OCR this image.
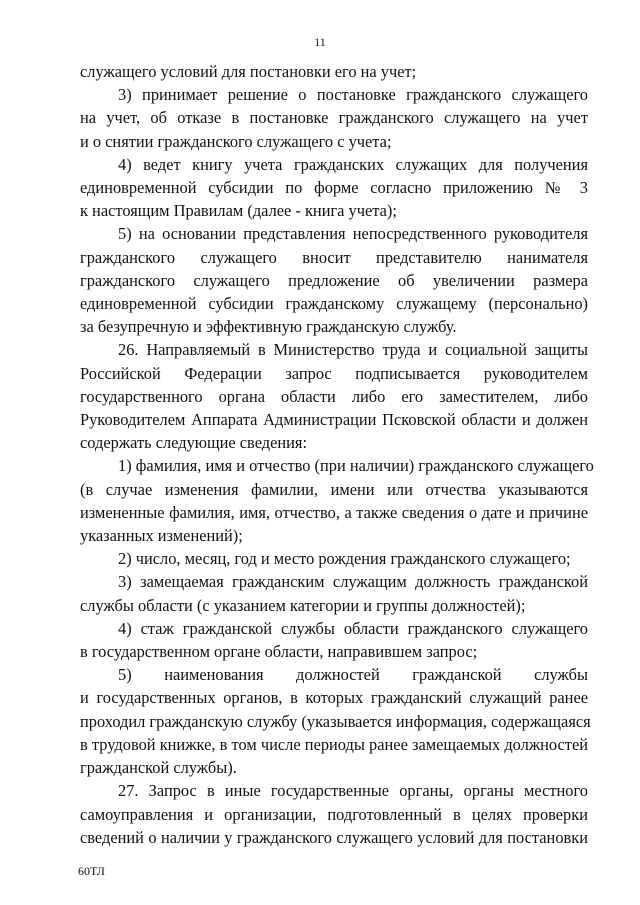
11
служащего условий для постановки его на учет;
3) принимает решение о постановке гражданского служащего
на учет, об отказе в постановке гражданского служащего на учет
и о снятии гражданского служащего с учета;
4) ведет книгу учета гражданских служащих для получения
единовременной субсидии по форме согласно приложению № 3
к настоящим Правилам (далее - книга учета);
5) на основании представления непосредственного руководителя
гражданского служащего вносит представителю нанимателя
гражданского служащего предложение об увеличении размера
единовременной субсидии гражданскому служащему (персонально)
за безупречную и эффективную гражданскую службу.
26. Направляемый в Министерство труда и социальной защиты
Российской Федерации запрос подписывается руководителем
государственного органа области либо его заместителем, либо
Руководителем Аппарата Администрации Псковской области и должен
содержать следующие сведения:
1) фамилия, имя и отчество (при наличии) гражданского служащего
(в случае изменения фамилии, имени или отчества указываются
измененные фамилия, имя, отчество, а также сведения о дате и причине
указанных изменений);
2) число, месяц, год и место рождения гражданского служащего;
3) замещаемая гражданским служащим должность гражданской
службы области (с указанием категории и группы должностей);
4) стаж гражданской службы области гражданского служащего
в государственном органе области, направившем запрос;
5) наименования должностей гражданской службы
и государственных органов, в которых гражданский служащий ранее
проходил гражданскую службу (указывается информация, содержащаяся
в трудовой книжке, в том числе периоды ранее замещаемых должностей
гражданской службы).
27. Запрос в иные государственные органы, органы местного
самоуправления и организации, подготовленный в целях проверки
сведений о наличии у гражданского служащего условий для постановки
60ТЛ
